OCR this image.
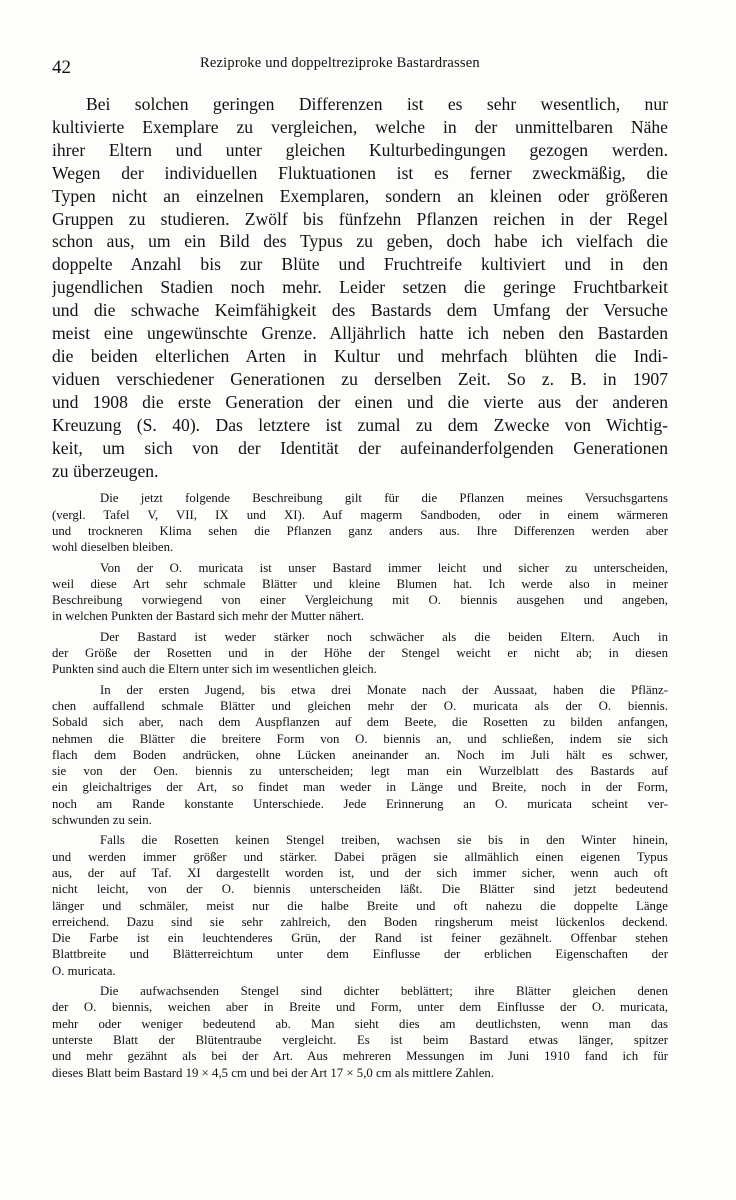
42	Reziproke und doppeltreziproke Bastardrassen

Bei solchen geringen Differenzen ist es sehr wesentlich, nur
kultivierte Exemplare zu vergleichen, welche in der unmittelbaren Nähe
ihrer Eltern und unter gleichen Kulturbedingungen gezogen werden.
Wegen der individuellen Fluktuationen ist es ferner zweckmäßig, die
Typen nicht an einzelnen Exemplaren, sondern an kleinen oder größeren
Gruppen zu studieren. Zwölf bis fünfzehn Pflanzen reichen in der Regel
schon aus, um ein Bild des Typus zu geben, doch habe ich vielfach die
doppelte Anzahl bis zur Blüte und Fruchtreife kultiviert und in den
jugendlichen Stadien noch mehr. Leider setzen die geringe Fruchtbarkeit
und die schwache Keimfähigkeit des Bastards dem Umfang der Versuche
meist eine ungewünschte Grenze. Alljährlich hatte ich neben den Bastarden
die beiden elterlichen Arten in Kultur und mehrfach blühten die Indi-
viduen verschiedener Generationen zu derselben Zeit. So z. B. in 1907
und 1908 die erste Generation der einen und die vierte aus der anderen
Kreuzung (S. 40). Das letztere ist zumal zu dem Zwecke von Wichtig-
keit, um sich von der Identität der aufeinanderfolgenden Generationen
zu überzeugen.

Die jetzt folgende Beschreibung gilt für die Pflanzen meines Versuchsgartens
(vergl. Tafel V, VII, IX und XI). Auf magerm Sandboden, oder in einem wärmeren
und trockneren Klima sehen die Pflanzen ganz anders aus. Ihre Differenzen werden aber
wohl dieselben bleiben.

Von der O. muricata ist unser Bastard immer leicht und sicher zu unterscheiden,
weil diese Art sehr schmale Blätter und kleine Blumen hat. Ich werde also in meiner
Beschreibung vorwiegend von einer Vergleichung mit O. biennis ausgehen und angeben,
in welchen Punkten der Bastard sich mehr der Mutter nähert.

Der Bastard ist weder stärker noch schwächer als die beiden Eltern. Auch in
der Größe der Rosetten und in der Höhe der Stengel weicht er nicht ab; in diesen
Punkten sind auch die Eltern unter sich im wesentlichen gleich.

In der ersten Jugend, bis etwa drei Monate nach der Aussaat, haben die Pflänz-
chen auffallend schmale Blätter und gleichen mehr der O. muricata als der O. biennis.
Sobald sich aber, nach dem Auspflanzen auf dem Beete, die Rosetten zu bilden anfangen,
nehmen die Blätter die breitere Form von O. biennis an, und schließen, indem sie sich
flach dem Boden andrücken, ohne Lücken aneinander an. Noch im Juli hält es schwer,
sie von der Oen. biennis zu unterscheiden; legt man ein Wurzelblatt des Bastards auf
ein gleichaltriges der Art, so findet man weder in Länge und Breite, noch in der Form,
noch am Rande konstante Unterschiede. Jede Erinnerung an O. muricata scheint ver-
schwunden zu sein.

Falls die Rosetten keinen Stengel treiben, wachsen sie bis in den Winter hinein,
und werden immer größer und stärker. Dabei prägen sie allmählich einen eigenen Typus
aus, der auf Taf. XI dargestellt worden ist, und der sich immer sicher, wenn auch oft
nicht leicht, von der O. biennis unterscheiden läßt. Die Blätter sind jetzt bedeutend
länger und schmäler, meist nur die halbe Breite und oft nahezu die doppelte Länge
erreichend. Dazu sind sie sehr zahlreich, den Boden ringsherum meist lückenlos deckend.
Die Farbe ist ein leuchtenderes Grün, der Rand ist feiner gezähnelt. Offenbar stehen
Blattbreite und Blätterreichtum unter dem Einflusse der erblichen Eigenschaften der
O. muricata.

Die aufwachsenden Stengel sind dichter beblättert; ihre Blätter gleichen denen
der O. biennis, weichen aber in Breite und Form, unter dem Einflusse der O. muricata,
mehr oder weniger bedeutend ab. Man sieht dies am deutlichsten, wenn man das
unterste Blatt der Blütentraube vergleicht. Es ist beim Bastard etwas länger, spitzer
und mehr gezähnt als bei der Art. Aus mehreren Messungen im Juni 1910 fand ich für
dieses Blatt beim Bastard 19 × 4,5 cm und bei der Art 17 × 5,0 cm als mittlere Zahlen.
